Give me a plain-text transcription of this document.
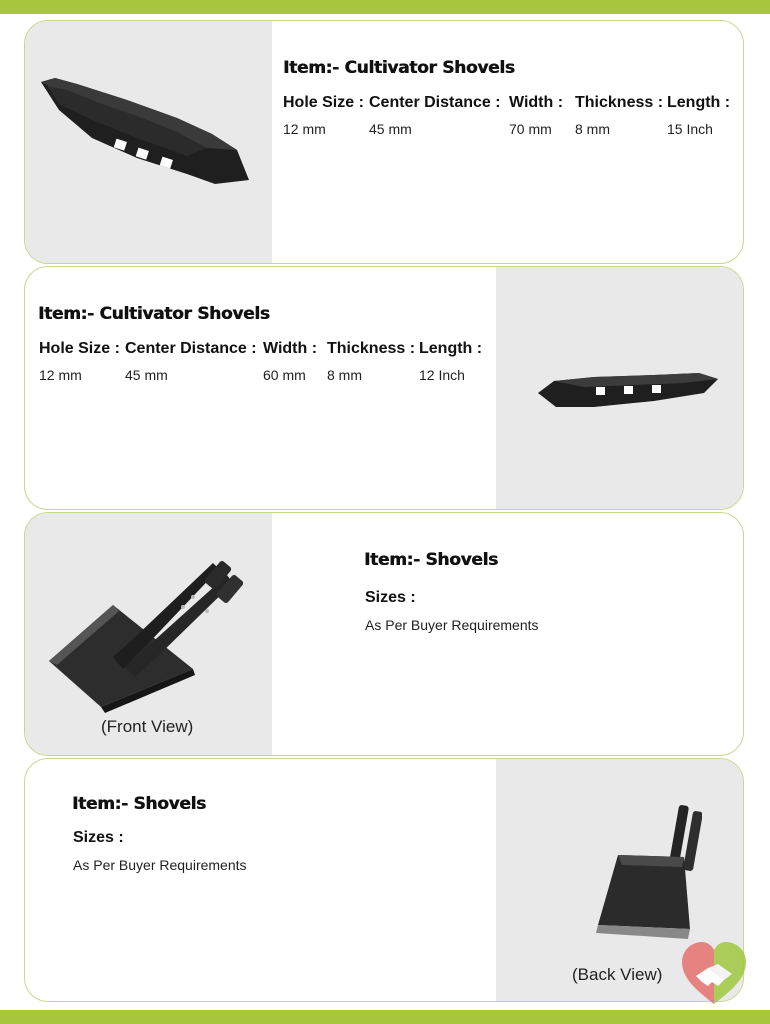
Item:- Cultivator Shovels
Hole Size : Center Distance : Width : Thickness : Length :
12 mm	45 mm	70 mm 8 mm	15 Inch
Item:- Cultivator Shovels
Hole Size : Center Distance : Width : Thickness : Length :
12 mm	45 mm	60 mm 8 mm	12 Inch
(Front View)
Item:- Shovels
Sizes :
As Per Buyer Requirements
(Back View)
Item:- Shovels
Sizes :
As Per Buyer Requirements
